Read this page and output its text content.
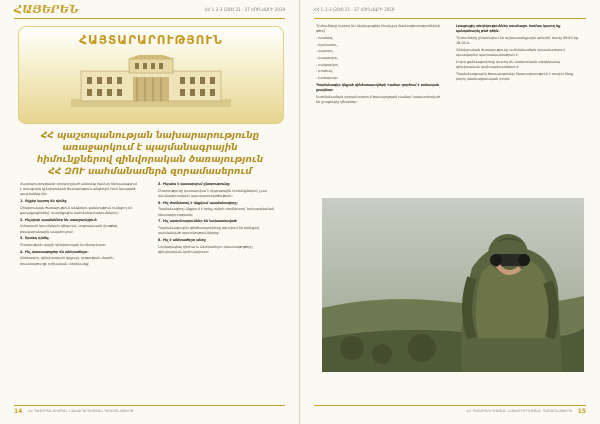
ՀԱՅԵՐԵՆ	ՀՀ Ն 2-3 (204) 21 - 27 ՀՈՒՆՎԱՐԻ 2019
ՀԱՅՏԱՐԱՐՈՒԹՅՈՒՆ
ՀՀ պաշտպանության նախարարությունը
առաջարկում է պայմանագրային
հիմունքներով զինվորական ծառայություն
ՀՀ ԶՈՒ սահմանամերձ զորամասերում

Հայտարարությամբ զորակոչված անձանց համար ներկայացվում է առաջարկ զինվորական ծառայություն անցնելու հետ կապված պայմաններին:

1. Ովքեր կարող են դիմել:

Զինվորական ծառայություն անցնելու ցանկություն ունեցող ՀՀ քաղաքացիները՝ տարիքային սահմանափակումներով:

2. Ինչպիսի պայմաններ են առաջարկվում:

Ամսական դրամական վճարում, սոցիալական փաթեթ, բնակարանային ապահովում:

3. Որտեղ դիմել:

Բնակության վայրի զինվորական կոմիսարիատ:

4. Ինչ փաստաթղթեր են անհրաժեշտ:

Անձնագիր, զինվորական գրքույկ, կրթության մասին փաստաթուղթ, բժշկական տեղեկանք:

5. Ինչպես է կատարվում ընտրությունը:

Ընտրությունը կատարվում է մրցութային հիմունքներով՝ ըստ մասնագիտական պատրաստվածության:

6. Ինչ ժամկետով է կնքվում պայմանագիրը:

Պայմանագիրը կնքվում է երեք տարի ժամկետով՝ երկարաձգման հնարավորությամբ:

7. Ինչ արտոնություններ են նախատեսված:

Պայմանագրային զինծառայողները օգտվում են օրենքով սահմանված արտոնություններից:

8. Ինչ է անհրաժեշտ անել:

Ներկայացնել դիմում և անհրաժեշտ փաստաթղթերը զինվորական կոմիսարիատ:

14 ՀՀ ՊԱՇՏՊԱՆՈՒԹՅԱՆ ՆԱԽԱՐԱՐՈՒԹՅԱՆ ՊԱՇՏՈՆԱԹԵՐԹ
ՀՀ Ն 2-3 (204) 21 - 27 ՀՈՒՆՎԱՐԻ 2019

Դիմումները կարող են ներկայացնել հետևյալ մասնագիտությունների գծով՝

- հրաձիգ,

- նշանառու,

- վարորդ,

- կապավոր,

- սակրավոր,

- բուժակ,

- խոհարար:

Պայմանագիր կնքած զինծառայողների համար գործում է ամսական լրավճար:

Սահմանամերձ զորամասերում ծառայության համար նախատեսված են լրացուցիչ վճարներ:

Լրացուցիչ տեղեկություններ ստանալու համար կարող եք զանգահարել թեժ գծին:

Դիմումները ընդունվում են աշխատանքային օրերին՝ ժամը 09:00-ից 18:00-ն:

Զինվորական ծառայությունը սահմանամերձ զորամասերում պատվաբեր պարտականություն է:

Բոլոր ցանկացողները կարող են մանրամասն տեղեկանալ զինվորական կոմիսարիատներում:

Պայմանագրային ծառայությունը հնարավորություն է տալիս ձեռք բերել մասնագիտական փորձ:

ՀՀ ՊԱՇՏՊԱՆՈՒԹՅԱՆ ՆԱԽԱՐԱՐՈՒԹՅԱՆ ՊԱՇՏՈՆԱԹԵՐԹ 15
